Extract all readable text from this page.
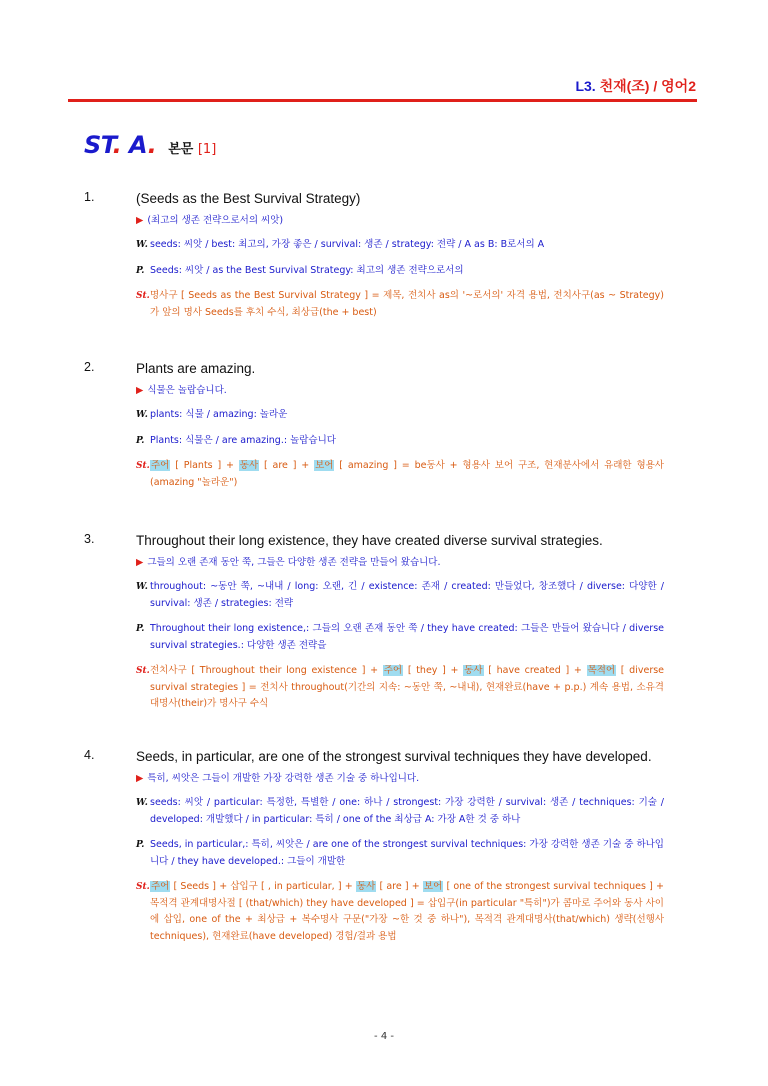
L3. 천재(조) / 영어2
ST. A. 본문 [1]
1.	(Seeds as the Best Survival Strategy)
▶ (최고의 생존 전략으로서의 씨앗)
W. seeds: 씨앗 / best: 최고의, 가장 좋은 / survival: 생존 / strategy: 전략 / A as B: B로서의 A
P. Seeds: 씨앗 / as the Best Survival Strategy: 최고의 생존 전략으로서의
St.명사구 [ Seeds as the Best Survival Strategy ] = 제목, 전치사 as의 '~로서의' 자격 용법, 전치사구(as ~ Strategy)가 앞의 명사 Seeds를 후치 수식, 최상급(the + best)
2.	Plants are amazing.
▶ 식물은 놀랍습니다.
W. plants: 식물 / amazing: 놀라운
P. Plants: 식물은 / are amazing.: 놀랍습니다
St.주어 [ Plants ] + 동사 [ are ] + 보어 [ amazing ] = be동사 + 형용사 보어 구조, 현재분사에서 유래한 형용사(amazing "놀라운")
3.	Throughout their long existence, they have created diverse survival strategies.
▶ 그들의 오랜 존재 동안 쭉, 그들은 다양한 생존 전략을 만들어 왔습니다.
W. throughout: ~동안 쭉, ~내내 / long: 오랜, 긴 / existence: 존재 / created: 만들었다, 창조했다 / diverse: 다양한 / survival: 생존 / strategies: 전략
P. Throughout their long existence,: 그들의 오랜 존재 동안 쭉 / they have created: 그들은 만들어 왔습니다 / diverse survival strategies.: 다양한 생존 전략을
St.전치사구 [ Throughout their long existence ] + 주어 [ they ] + 동사 [ have created ] + 목적어 [ diverse survival strategies ] = 전치사 throughout(기간의 지속: ~동안 쭉, ~내내), 현재완료(have + p.p.) 계속 용법, 소유격 대명사(their)가 명사구 수식
4.	Seeds, in particular, are one of the strongest survival techniques they have developed.
▶ 특히, 씨앗은 그들이 개발한 가장 강력한 생존 기술 중 하나입니다.
W. seeds: 씨앗 / particular: 특정한, 특별한 / one: 하나 / strongest: 가장 강력한 / survival: 생존 / techniques: 기술 / developed: 개발했다 / in particular: 특히 / one of the 최상급 A: 가장 A한 것 중 하나
P. Seeds, in particular,: 특히, 씨앗은 / are one of the strongest survival techniques: 가장 강력한 생존 기술 중 하나입니다 / they have developed.: 그들이 개발한
St.주어 [ Seeds ] + 삽입구 [ , in particular, ] + 동사 [ are ] + 보어 [ one of the strongest survival techniques ] + 목적격 관계대명사절 [ (that/which) they have developed ] = 삽입구(in particular "특히")가 콤마로 주어와 동사 사이에 삽입, one of the + 최상급 + 복수명사 구문("가장 ~한 것 중 하나"), 목적격 관계대명사(that/which) 생략(선행사 techniques), 현재완료(have developed) 경험/결과 용법
- 4 -
